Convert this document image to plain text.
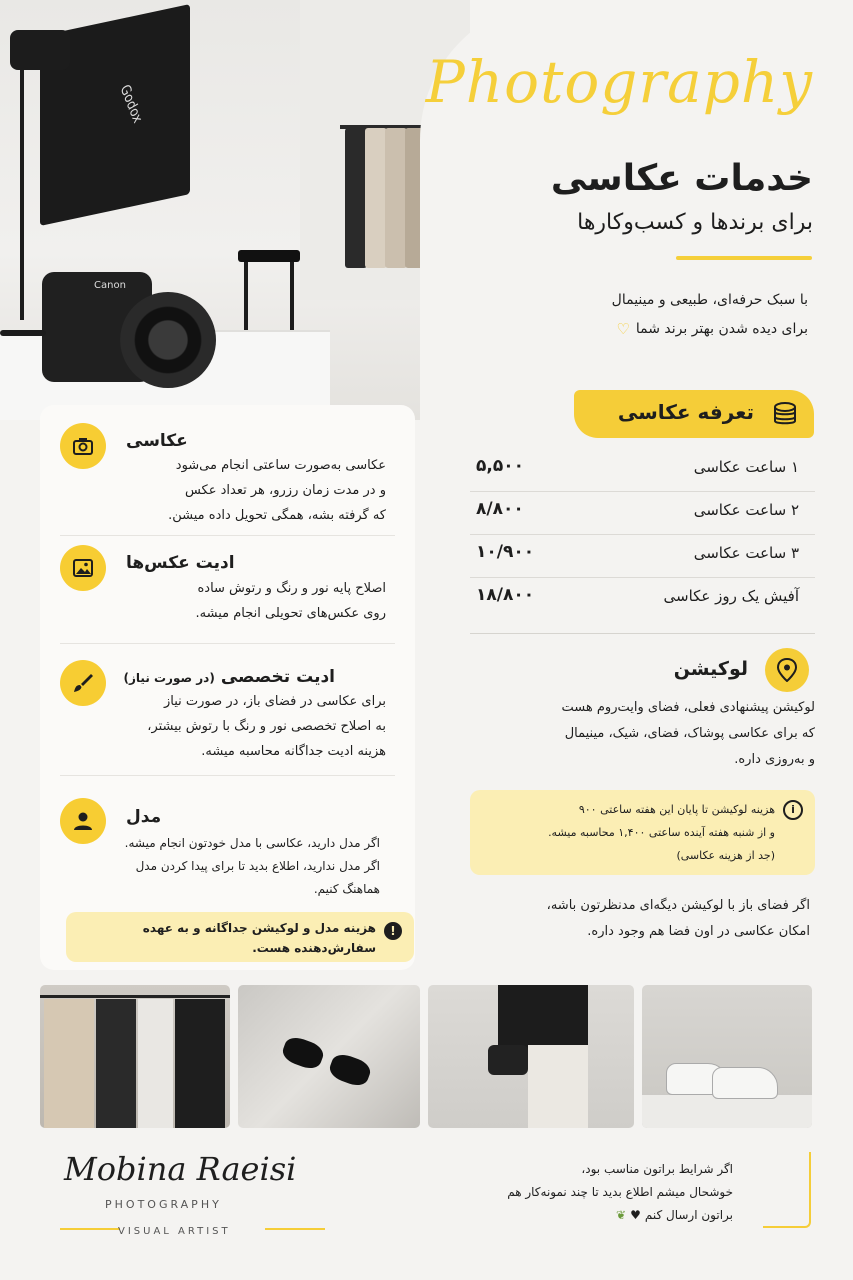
Godox
Canon
Photography
خدمات عکاسی
برای برندها و کسب‌وکارها
با سبک حرفه‌ای، طبیعی و مینیمال
برای دیده شدن بهتر برند شما
♡
عکاسی
عکاسی به‌صورت ساعتی انجام می‌شود
و در مدت زمان رزرو، هر تعداد عکس
که گرفته بشه، همگی تحویل داده میشن.
ادیت عکس‌ها
اصلاح پایه نور و رنگ و رتوش ساده
روی عکس‌های تحویلی انجام میشه.
ادیت تخصصی
(در صورت نیاز)
برای عکاسی در فضای باز، در صورت نیاز
به اصلاح تخصصی نور و رنگ با رتوش بیشتر،
هزینه ادیت جداگانه محاسبه میشه.
مدل
اگر مدل دارید، عکاسی با مدل خودتون انجام میشه.
اگر مدل ندارید، اطلاع بدید تا برای پیدا کردن مدل
هماهنگ کنیم.
!
هزینه مدل و لوکیشن جداگانه و به عهده
سفارش‌دهنده هست.
تعرفه عکاسی
۱ ساعت عکاسی
۵,۵۰۰
۲ ساعت عکاسی
۸/۸۰۰
۳ ساعت عکاسی
۱۰/۹۰۰
آفیش یک روز عکاسی
۱۸/۸۰۰
لوکیشن
لوکیشن پیشنهادی فعلی، فضای وایت‌روم هست
که برای عکاسی پوشاک، فضای، شیک، مینیمال
و به‌روزی داره.
i
هزینه لوکیشن تا پایان این هفته ساعتی ۹۰۰
و از شنبه هفته آینده ساعتی ۱,۴۰۰ محاسبه میشه.
(جد از هزینه عکاسی)
اگر فضای باز با لوکیشن دیگه‌ای مدنظرتون باشه،
امکان عکاسی در اون فضا هم وجود داره.
Mobina Raeisi
PHOTOGRAPHY
VISUAL ARTIST
اگر شرایط براتون مناسب بود،
خوشحال میشم اطلاع بدید تا چند نمونه‌کار هم
براتون ارسال کنم
♥
❦
